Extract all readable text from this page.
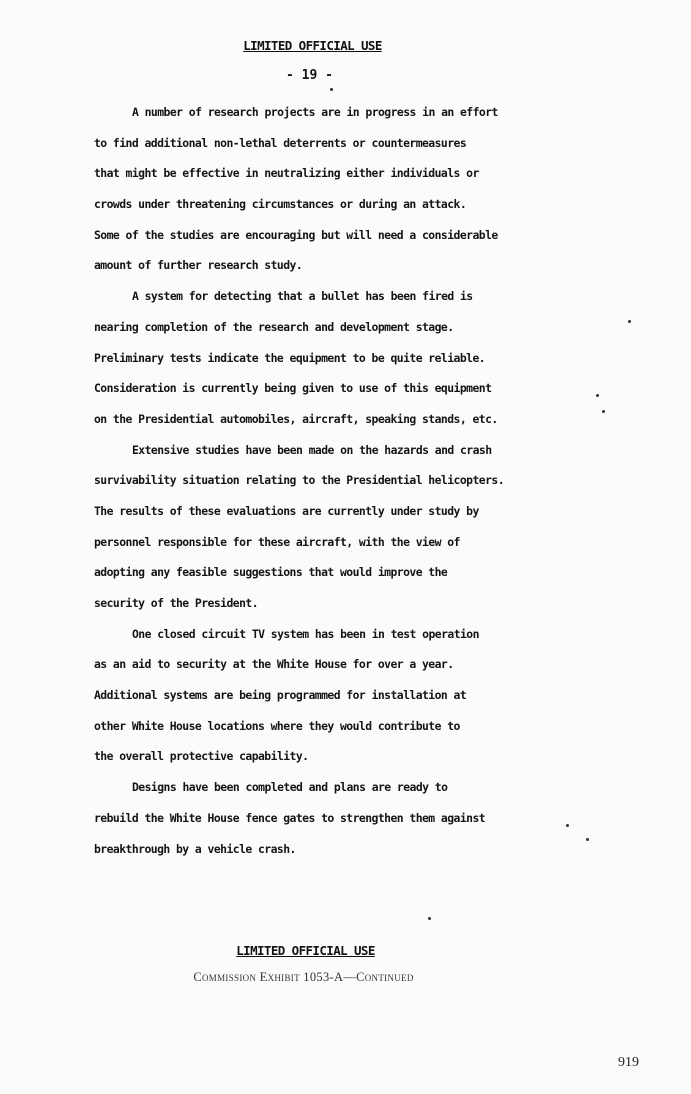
LIMITED OFFICIAL USE
- 19 -
A number of research projects are in progress in an effort
to find additional non-lethal deterrents or countermeasures
that might be effective in neutralizing either individuals or
crowds under threatening circumstances or during an attack.
Some of the studies are encouraging but will need a considerable
amount of further research study.
A system for detecting that a bullet has been fired is
nearing completion of the research and development stage.
Preliminary tests indicate the equipment to be quite reliable.
Consideration is currently being given to use of this equipment
on the Presidential automobiles, aircraft, speaking stands, etc.
Extensive studies have been made on the hazards and crash
survivability situation relating to the Presidential helicopters.
The results of these evaluations are currently under study by
personnel responsible for these aircraft, with the view of
adopting any feasible suggestions that would improve the
security of the President.
One closed circuit TV system has been in test operation
as an aid to security at the White House for over a year.
Additional systems are being programmed for installation at
other White House locations where they would contribute to
the overall protective capability.
Designs have been completed and plans are ready to
rebuild the White House fence gates to strengthen them against
breakthrough by a vehicle crash.
LIMITED OFFICIAL USE
Commission Exhibit 1053-A—Continued
919
